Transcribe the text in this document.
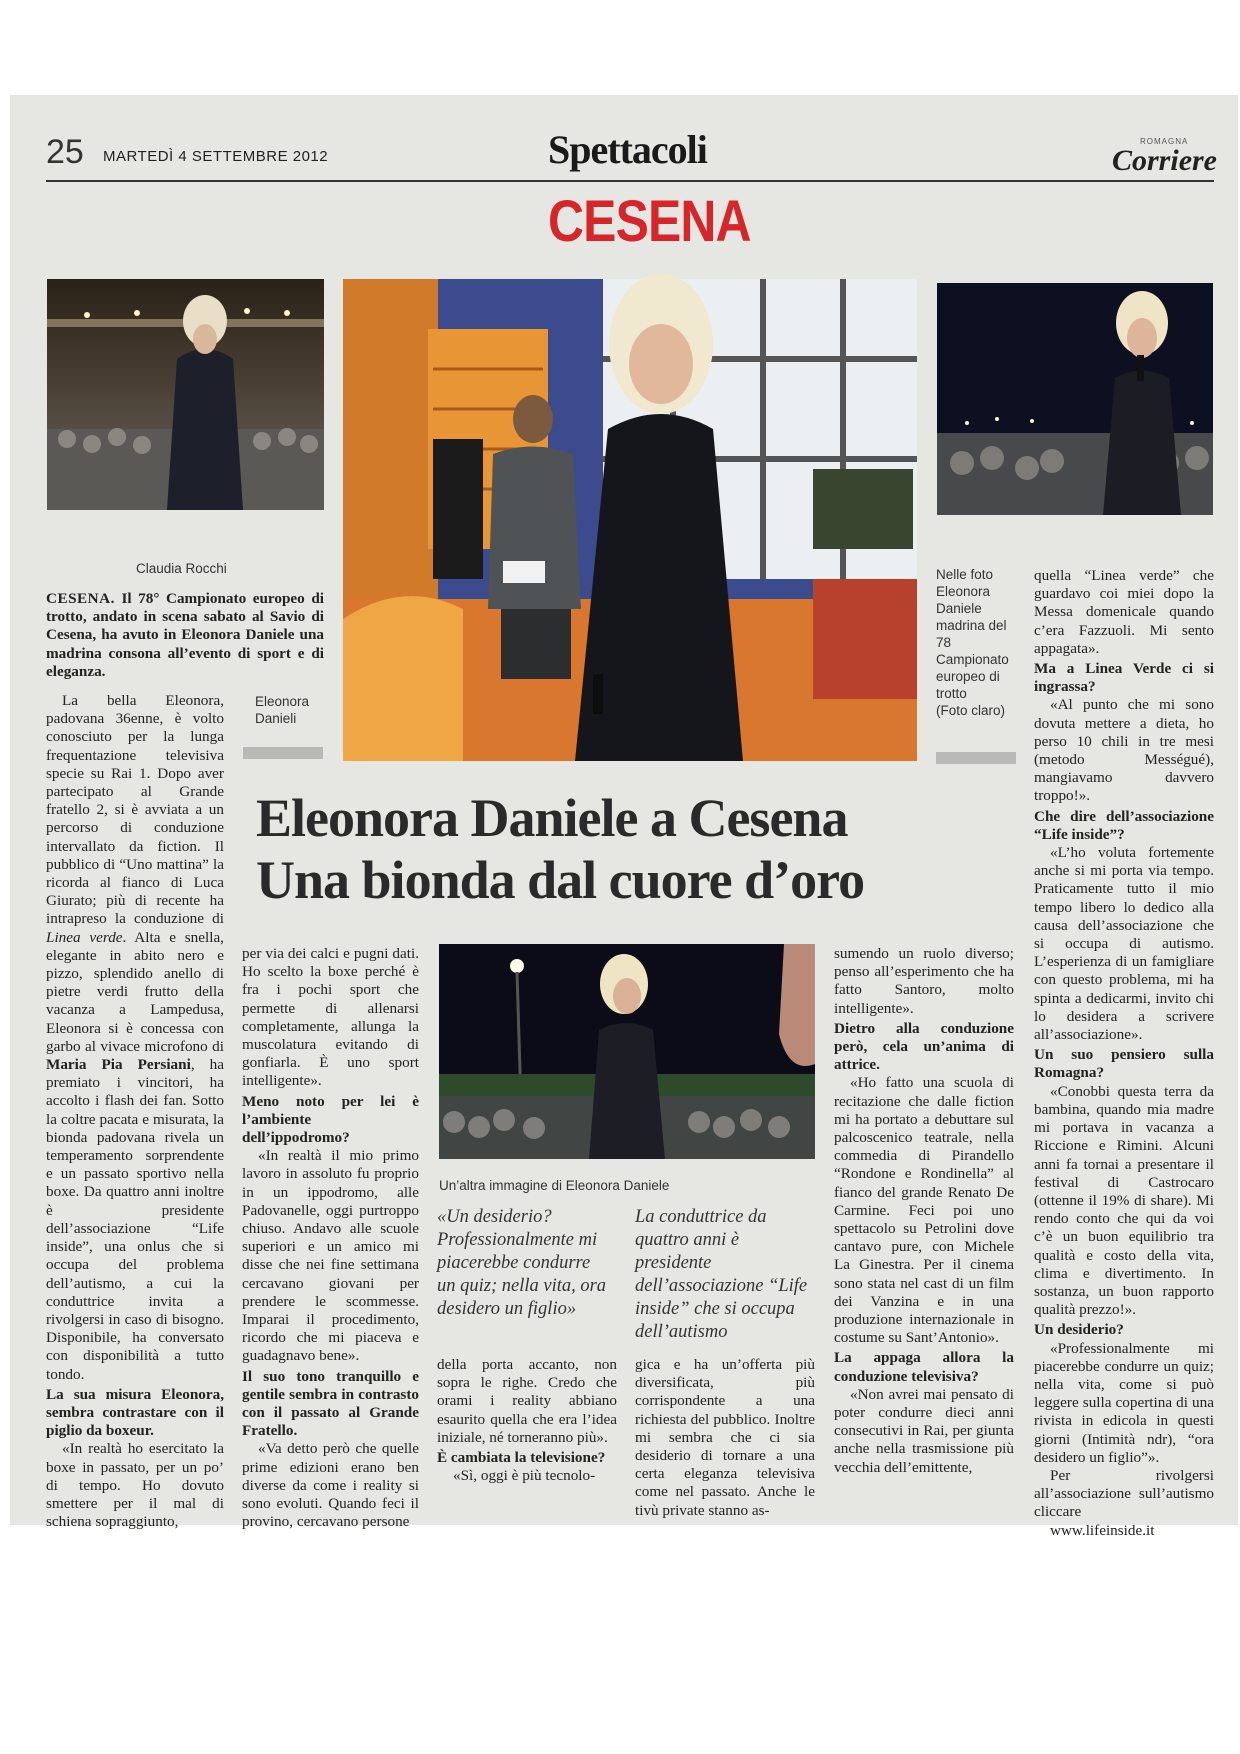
25 MARTEDÌ 4 SETTEMBRE 2012	Spettacoli	ROMAGNA
Corriere
CESENA
Claudia Rocchi
Eleonora
Danieli
Nelle foto
Eleonora
Daniele
madrina del
78
Campionato
europeo di
trotto
(Foto claro)
CESENA. Il 78° Campionato europeo di trotto, andato in scena sabato al Savio di Cesena, ha avuto in Eleonora Daniele una madrina consona all’evento di sport e di eleganza.

La bella Eleonora, padovana 36enne, è volto conosciuto per la lunga frequentazione televisiva specie su Rai 1. Dopo aver partecipato al Grande fratello 2, si è avviata a un percorso di conduzione intervallato da fiction. Il pubblico di “Uno mattina” la ricorda al fianco di Luca Giurato; più di recente ha intrapreso la conduzione di Linea verde. Alta e snella, elegante in abito nero e pizzo, splendido anello di pietre verdi frutto della vacanza a Lampedusa, Eleonora si è concessa con garbo al vivace microfono di Maria Pia Persiani, ha premiato i vincitori, ha accolto i flash dei fan. Sotto la coltre pacata e misurata, la bionda padovana rivela un temperamento sorprendente e un passato sportivo nella boxe. Da quattro anni inoltre è presidente dell’associazione “Life inside”, una onlus che si occupa del problema dell’autismo, a cui la conduttrice invita a rivolgersi in caso di bisogno. Disponibile, ha conversato con disponibilità a tutto tondo.

La sua misura Eleonora, sembra contrastare con il piglio da boxeur.

«In realtà ho esercitato la boxe in passato, per un po’ di tempo. Ho dovuto smettere per il mal di schiena sopraggiunto,

Eleonora Daniele a Cesena
Una bionda dal cuore d’oro

per via dei calci e pugni dati. Ho scelto la boxe perché è fra i pochi sport che permette di allenarsi completamente, allunga la muscolatura evitando di gonfiarla. È uno sport intelligente».

Meno noto per lei è l’ambiente dell’ippodromo?

«In realtà il mio primo lavoro in assoluto fu proprio in un ippodromo, alle Padovanelle, oggi purtroppo chiuso. Andavo alle scuole superiori e un amico mi disse che nei fine settimana cercavano giovani per prendere le scommesse. Imparai il procedimento, ricordo che mi piaceva e guadagnavo bene».

Il suo tono tranquillo e gentile sembra in contrasto con il passato al Grande Fratello.

«Va detto però che quelle prime edizioni erano ben diverse da come i reality si sono evoluti. Quando feci il provino, cercavano persone

Un’altra immagine di Eleonora Daniele
«Un desiderio? Professionalmente mi piacerebbe condurre un quiz; nella vita, ora desidero un figlio»
La conduttrice da quattro anni è presidente dell’associazione “Life inside” che si occupa dell’autismo

della porta accanto, non sopra le righe. Credo che orami i reality abbiano esaurito quella che era l’idea iniziale, né torneranno più».

È cambiata la televisione?

«Sì, oggi è più tecnolo-

gica e ha un’offerta più diversificata, più corrispondente a una richiesta del pubblico. Inoltre mi sembra che ci sia desiderio di tornare a una certa eleganza televisiva come nel passato. Anche le tivù private stanno as-

sumendo un ruolo diverso; penso all’esperimento che ha fatto Santoro, molto intelligente».

Dietro alla conduzione però, cela un’anima di attrice.

«Ho fatto una scuola di recitazione che dalle fiction mi ha portato a debuttare sul palcoscenico teatrale, nella commedia di Pirandello “Rondone e Rondinella” al fianco del grande Renato De Carmine. Feci poi uno spettacolo su Petrolini dove cantavo pure, con Michele La Ginestra. Per il cinema sono stata nel cast di un film dei Vanzina e in una produzione internazionale in costume su Sant’Antonio».

La appaga allora la conduzione televisiva?

«Non avrei mai pensato di poter condurre dieci anni consecutivi in Rai, per giunta anche nella trasmissione più vecchia dell’emittente,

quella “Linea verde” che guardavo coi miei dopo la Messa domenicale quando c’era Fazzuoli. Mi sento appagata».

Ma a Linea Verde ci si ingrassa?

«Al punto che mi sono dovuta mettere a dieta, ho perso 10 chili in tre mesi (metodo Mességué), mangiavamo davvero troppo!».

Che dire dell’associazione “Life inside”?

«L’ho voluta fortemente anche si mi porta via tempo. Praticamente tutto il mio tempo libero lo dedico alla causa dell’associazione che si occupa di autismo. L’esperienza di un famigliare con questo problema, mi ha spinta a dedicarmi, invito chi lo desidera a scrivere all’associazione».

Un suo pensiero sulla Romagna?

«Conobbi questa terra da bambina, quando mia madre mi portava in vacanza a Riccione e Rimini. Alcuni anni fa tornai a presentare il festival di Castrocaro (ottenne il 19% di share). Mi rendo conto che qui da voi c’è un buon equilibrio tra qualità e costo della vita, clima e divertimento. In sostanza, un buon rapporto qualità prezzo!».

Un desiderio?

«Professionalmente mi piacerebbe condurre un quiz; nella vita, come si può leggere sulla copertina di una rivista in edicola in questi giorni (Intimità ndr), “ora desidero un figlio”».

Per rivolgersi all’associazione sull’autismo cliccare

www.lifeinside.it
